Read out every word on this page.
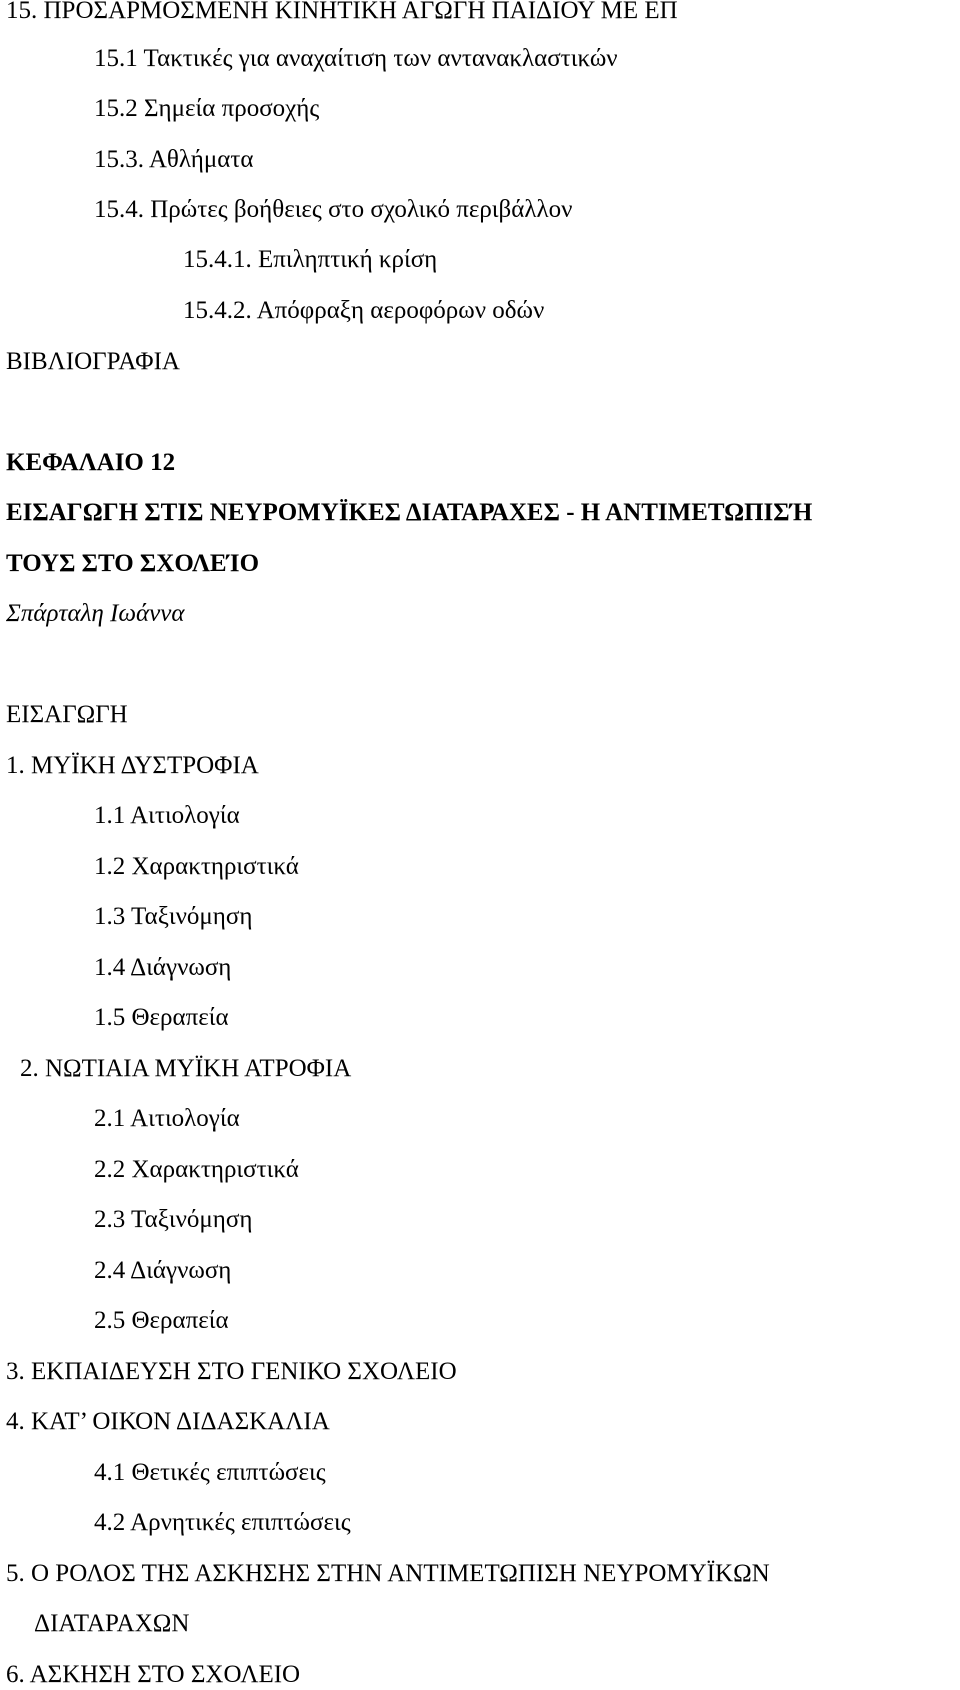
15. ΠΡΟΣΑΡΜΟΣΜΕΝΗ ΚΙΝΗΤΙΚΗ ΑΓΩΓΗ ΠΑΙΔΙΟΥ ΜΕ ΕΠ
15.1 Τακτικές για αναχαίτιση των αντανακλαστικών
15.2 Σημεία προσοχής
15.3. Αθλήματα
15.4. Πρώτες βοήθειες στο σχολικό περιβάλλον
15.4.1. Επιληπτική κρίση
15.4.2. Απόφραξη αεροφόρων οδών
ΒΙΒΛΙΟΓΡΑΦΙΑ
ΚΕΦΑΛΑΙΟ 12
ΕΙΣΑΓΩΓΗ ΣΤΙΣ ΝΕΥΡΟΜΥΪΚΕΣ ΔΙΑΤΑΡΑΧΕΣ - Η ΑΝΤΙΜΕΤΩΠΙΣΉ
ΤΟΥΣ ΣΤΟ ΣΧΟΛΕΊΟ
Σπάρταλη Ιωάννα
ΕΙΣΑΓΩΓΗ
1. ΜΥΪΚΗ ΔΥΣΤΡΟΦΙΑ
1.1 Αιτιολογία
1.2 Χαρακτηριστικά
1.3 Ταξινόμηση
1.4 Διάγνωση
1.5 Θεραπεία
2. ΝΩΤΙΑΙΑ ΜΥΪΚΗ ΑΤΡΟΦΙΑ
2.1 Αιτιολογία
2.2 Χαρακτηριστικά
2.3 Ταξινόμηση
2.4 Διάγνωση
2.5 Θεραπεία
3. ΕΚΠΑΙΔΕΥΣΗ ΣΤΟ ΓΕΝΙΚΟ ΣΧΟΛΕΙΟ
4. ΚΑΤ’ ΟΙΚΟΝ ΔΙΔΑΣΚΑΛΙΑ
4.1 Θετικές επιπτώσεις
4.2 Αρνητικές επιπτώσεις
5. Ο ΡΟΛΟΣ ΤΗΣ ΑΣΚΗΣΗΣ ΣΤΗΝ ΑΝΤΙΜΕΤΩΠΙΣΗ ΝΕΥΡΟΜΥΪΚΩΝ
ΔΙΑΤΑΡΑΧΩΝ
6. ΑΣΚΗΣΗ ΣΤΟ ΣΧΟΛΕΙΟ
